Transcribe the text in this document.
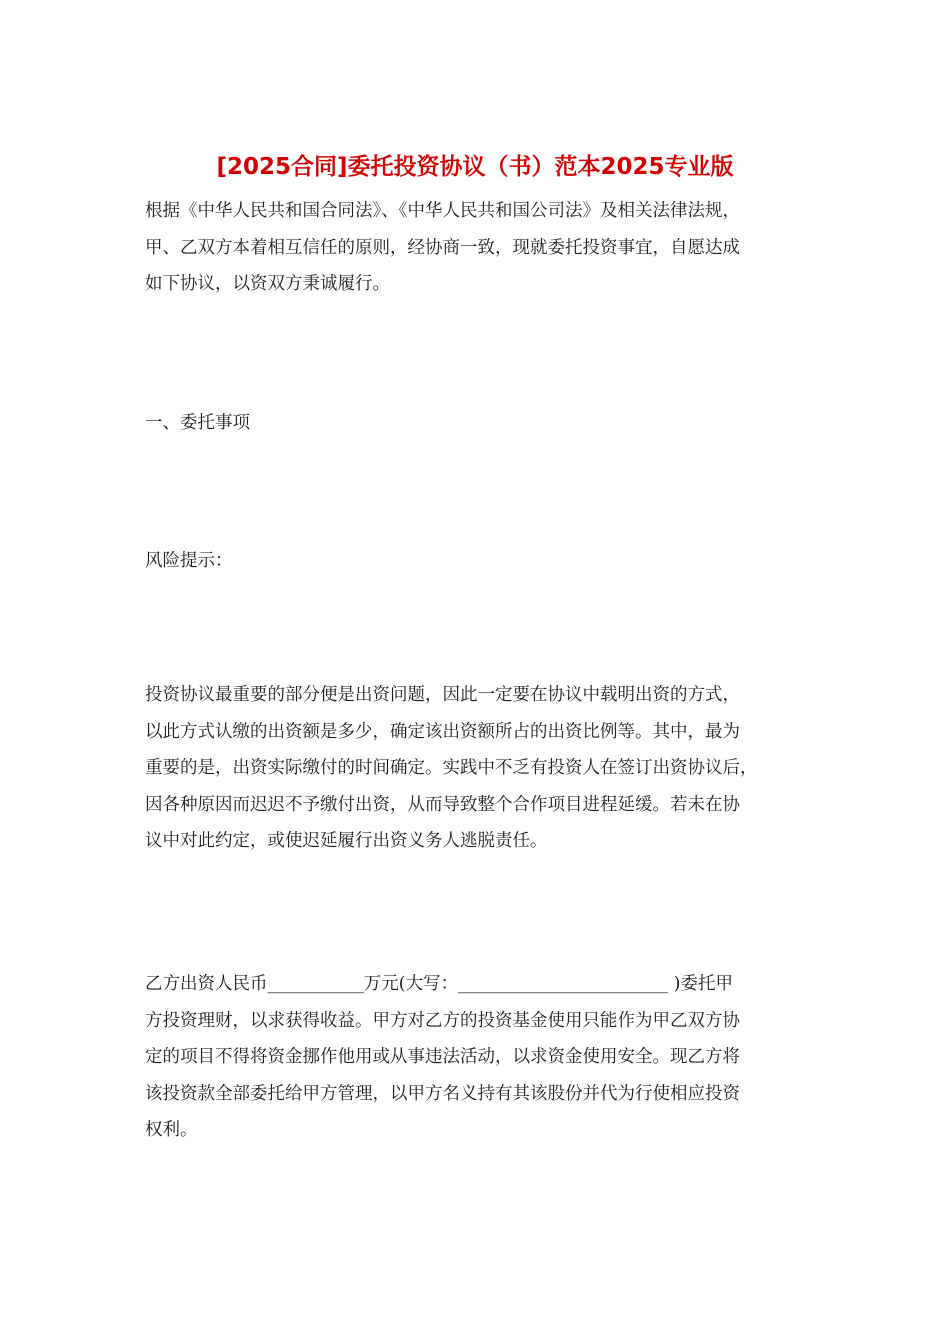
[2025合同]委托投资协议（书）范本2025专业版
根据《中华人民共和国合同法》、《中华人民共和国公司法》及相关法律法规，
甲、乙双方本着相互信任的原则，经协商一致，现就委托投资事宜，自愿达成
如下协议，以资双方秉诚履行。
一、委托事项
风险提示：
投资协议最重要的部分便是出资问题，因此一定要在协议中载明出资的方式，
以此方式认缴的出资额是多少，确定该出资额所占的出资比例等。其中，最为
重要的是，出资实际缴付的时间确定。实践中不乏有投资人在签订出资协议后，
因各种原因而迟迟不予缴付出资，从而导致整个合作项目进程延缓。若未在协
议中对此约定，或使迟延履行出资义务人逃脱责任。
乙方出资人民币___________万元(大写：________________________ )委托甲
方投资理财，以求获得收益。甲方对乙方的投资基金使用只能作为甲乙双方协
定的项目不得将资金挪作他用或从事违法活动，以求资金使用安全。现乙方将
该投资款全部委托给甲方管理，以甲方名义持有其该股份并代为行使相应投资
权利。
